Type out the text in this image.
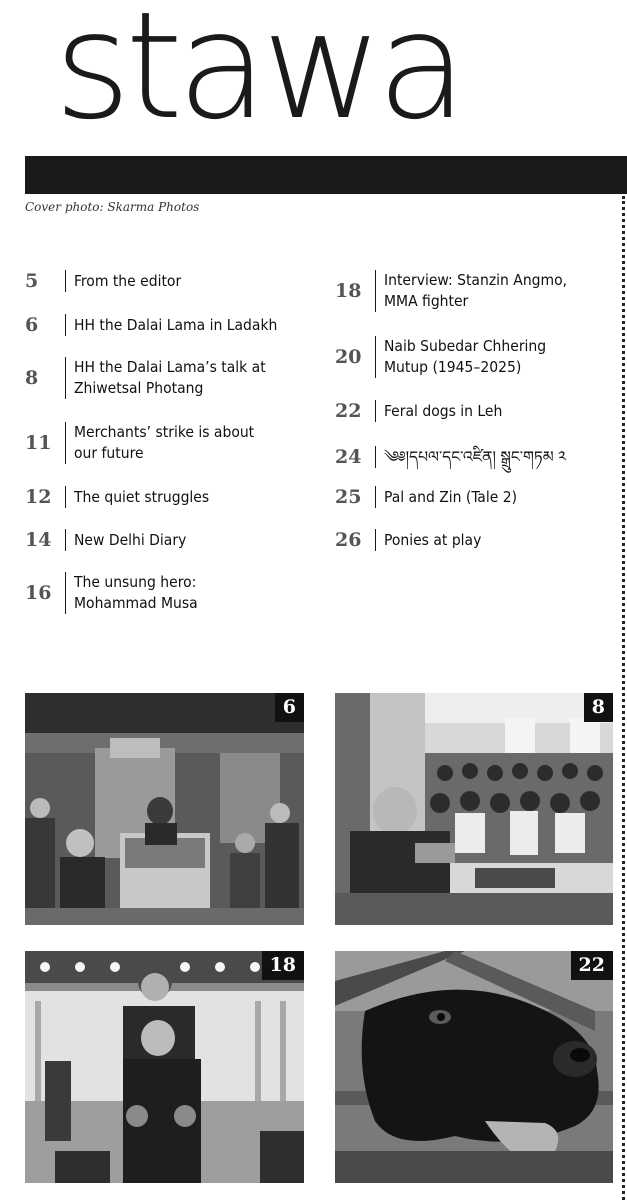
stawa
Cover photo: Skarma Photos
5	From the editor
6	HH the Dalai Lama in Ladakh
8	HH the Dalai Lama’s talk at
Zhiwetsal Photang
11	Merchants’ strike is about
our future
12	The quiet struggles
14	New Delhi Diary
16	The unsung hero:
Mohammad Musa
18	Interview: Stanzin Angmo,
MMA fighter
20	Naib Subedar Chhering
Mutup (1945–2025)
22	Feral dogs in Leh
24	༄༅།དཔལ་དང་འཛིན། སྒྲུང་གཏམ ༢
25	Pal and Zin (Tale 2)
26	Ponies at play
6	8
18	22
